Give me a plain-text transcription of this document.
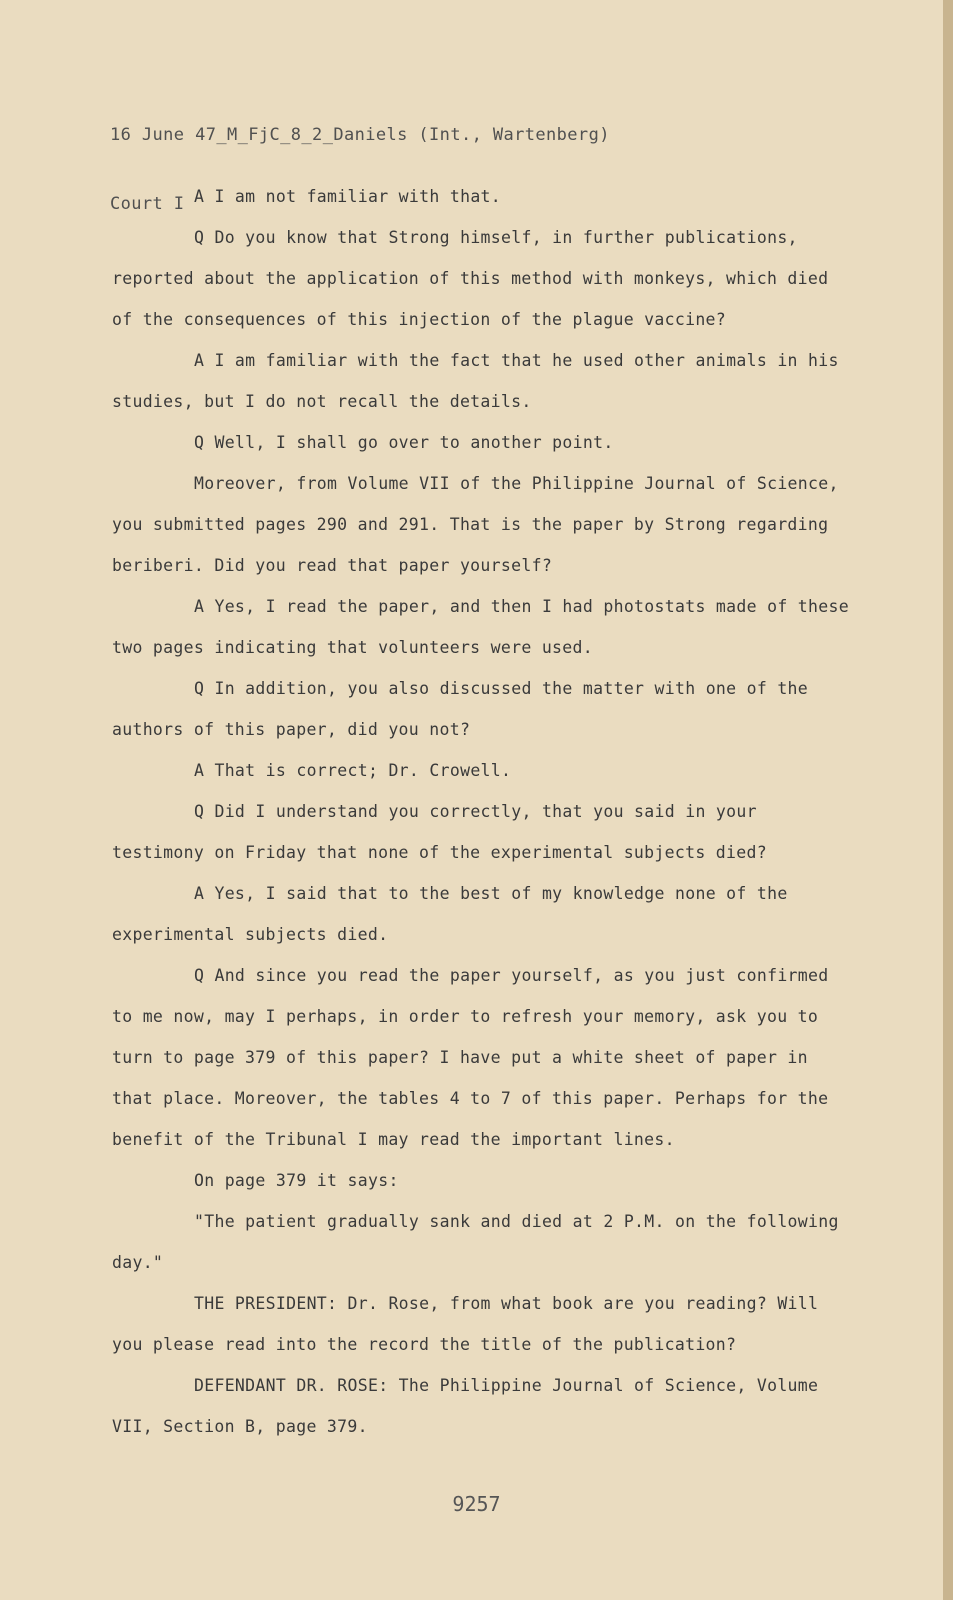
16 June 47_M_FjC_8_2_Daniels (Int., Wartenberg)

Court I

A I am not familiar with that.

Q Do you know that Strong himself, in further publications, reported about the application of this method with monkeys, which died of the consequences of this injection of the plague vaccine?

A I am familiar with the fact that he used other animals in his studies, but I do not recall the details.

Q Well, I shall go over to another point.

Moreover, from Volume VII of the Philippine Journal of Science, you submitted pages 290 and 291. That is the paper by Strong regarding beriberi. Did you read that paper yourself?

A Yes, I read the paper, and then I had photostats made of these two pages indicating that volunteers were used.

Q In addition, you also discussed the matter with one of the authors of this paper, did you not?

A That is correct; Dr. Crowell.

Q Did I understand you correctly, that you said in your testimony on Friday that none of the experimental subjects died?

A Yes, I said that to the best of my knowledge none of the experimental subjects died.

Q And since you read the paper yourself, as you just confirmed to me now, may I perhaps, in order to refresh your memory, ask you to turn to page 379 of this paper? I have put a white sheet of paper in that place. Moreover, the tables 4 to 7 of this paper. Perhaps for the benefit of the Tribunal I may read the important lines.

On page 379 it says:

"The patient gradually sank and died at 2 P.M. on the following day."

THE PRESIDENT: Dr. Rose, from what book are you reading? Will you please read into the record the title of the publication?

DEFENDANT DR. ROSE: The Philippine Journal of Science, Volume VII, Section B, page 379.

9257
